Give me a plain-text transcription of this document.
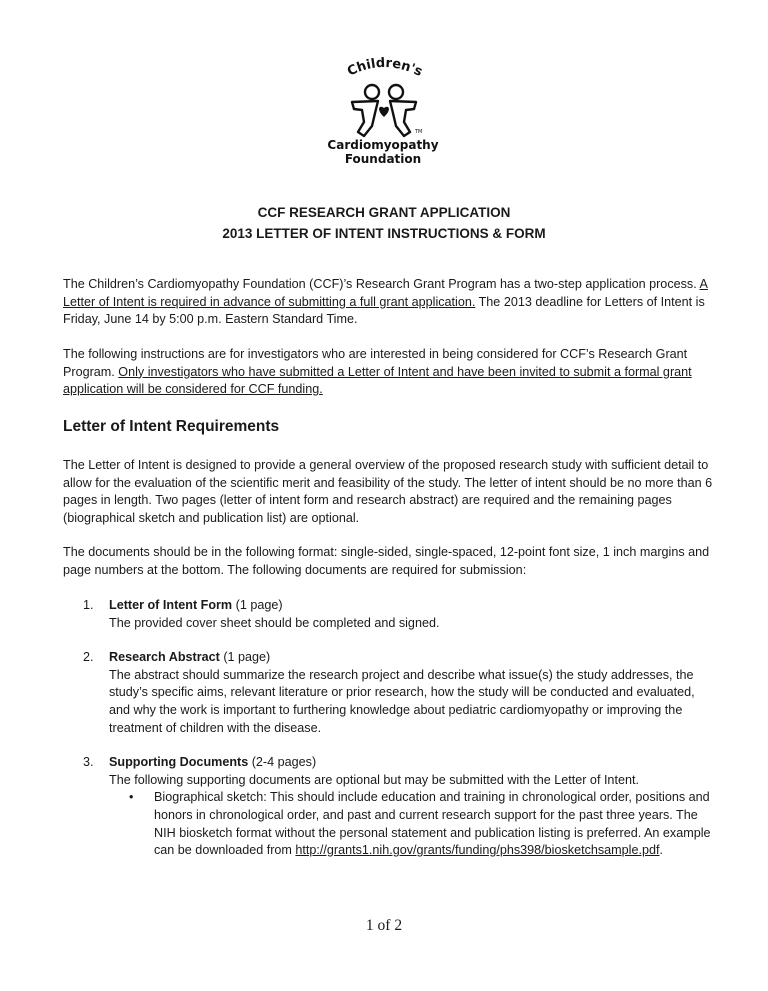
Children's
TM
Cardiomyopathy
Foundation
CCF RESEARCH GRANT APPLICATION
2013 LETTER OF INTENT INSTRUCTIONS & FORM

The Children’s Cardiomyopathy Foundation (CCF)’s Research Grant Program has a two-step application process. A Letter of Intent is required in advance of submitting a full grant application. The 2013 deadline for Letters of Intent is Friday, June 14 by 5:00 p.m. Eastern Standard Time.

The following instructions are for investigators who are interested in being considered for CCF’s Research Grant Program. Only investigators who have submitted a Letter of Intent and have been invited to submit a formal grant application will be considered for CCF funding.

Letter of Intent Requirements

The Letter of Intent is designed to provide a general overview of the proposed research study with sufficient detail to allow for the evaluation of the scientific merit and feasibility of the study. The letter of intent should be no more than 6 pages in length. Two pages (letter of intent form and research abstract) are required and the remaining pages (biographical sketch and publication list) are optional.

The documents should be in the following format: single-sided, single-spaced, 12-point font size, 1 inch margins and page numbers at the bottom. The following documents are required for submission:

1. Letter of Intent Form (1 page)
The provided cover sheet should be completed and signed.
2. Research Abstract (1 page)
The abstract should summarize the research project and describe what issue(s) the study addresses, the study’s specific aims, relevant literature or prior research, how the study will be conducted and evaluated, and why the work is important to furthering knowledge about pediatric cardiomyopathy or improving the treatment of children with the disease.
3. Supporting Documents (2-4 pages)
The following supporting documents are optional but may be submitted with the Letter of Intent.
• Biographical sketch: This should include education and training in chronological order, positions and honors in chronological order, and past and current research support for the past three years. The NIH biosketch format without the personal statement and publication listing is preferred. An example can be downloaded from http://grants1.nih.gov/grants/funding/phs398/biosketchsample.pdf.
1 of 2
